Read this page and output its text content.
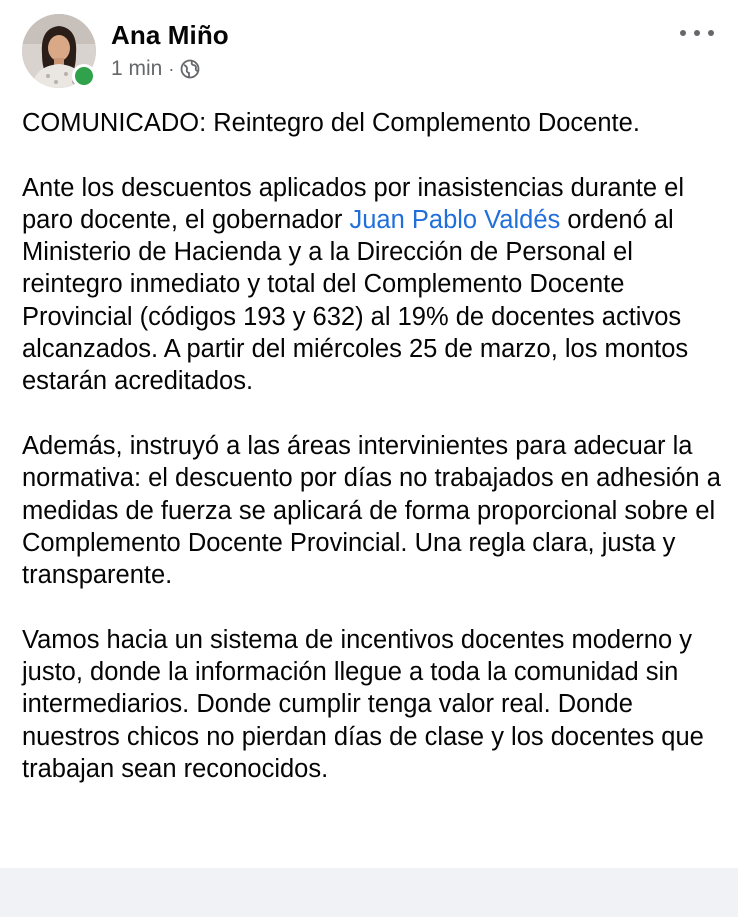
Ana Miño
1 min ·

COMUNICADO: Reintegro del Complemento Docente.

Ante los descuentos aplicados por inasistencias durante el paro docente, el gobernador Juan Pablo Valdés ordenó al Ministerio de Hacienda y a la Dirección de Personal el reintegro inmediato y total del Complemento Docente Provincial (códigos 193 y 632) al 19% de docentes activos alcanzados. A partir del miércoles 25 de marzo, los montos estarán acreditados.

Además, instruyó a las áreas intervinientes para adecuar la normativa: el descuento por días no trabajados en adhesión a medidas de fuerza se aplicará de forma proporcional sobre el Complemento Docente Provincial. Una regla clara, justa y transparente.

Vamos hacia un sistema de incentivos docentes moderno y justo, donde la información llegue a toda la comunidad sin intermediarios. Donde cumplir tenga valor real. Donde nuestros chicos no pierdan días de clase y los docentes que trabajan sean reconocidos.
